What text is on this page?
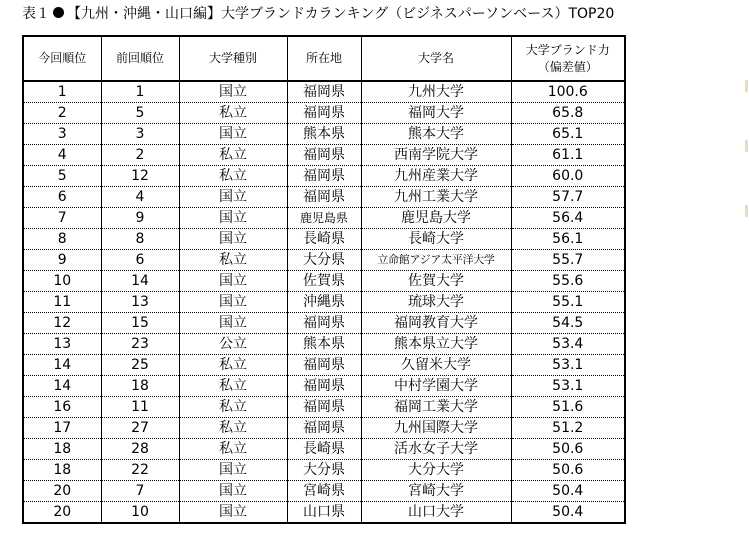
表１ 【九州・沖縄・山口編】大学ブランドカランキング（ビジネスパーソンベース）TOP20
今回順位	前回順位	大学種別	所在地	大学名	大学ブランド力
（偏差値）

1	1	国立	福岡県	九州大学	100.6
2	5	私立	福岡県	福岡大学	65.8
3	3	国立	熊本県	熊本大学	65.1
4	2	私立	福岡県	西南学院大学	61.1
5	12	私立	福岡県	九州産業大学	60.0
6	4	国立	福岡県	九州工業大学	57.7
7	9	国立	鹿児島県	鹿児島大学	56.4
8	8	国立	長崎県	長崎大学	56.1
9	6	私立	大分県	立命館アジア太平洋大学	55.7
10	14	国立	佐賀県	佐賀大学	55.6
11	13	国立	沖縄県	琉球大学	55.1
12	15	国立	福岡県	福岡教育大学	54.5
13	23	公立	熊本県	熊本県立大学	53.4
14	25	私立	福岡県	久留米大学	53.1
14	18	私立	福岡県	中村学園大学	53.1
16	11	私立	福岡県	福岡工業大学	51.6
17	27	私立	福岡県	九州国際大学	51.2
18	28	私立	長崎県	活水女子大学	50.6
18	22	国立	大分県	大分大学	50.6
20	7	国立	宮崎県	宮崎大学	50.4
20	10	国立	山口県	山口大学	50.4
